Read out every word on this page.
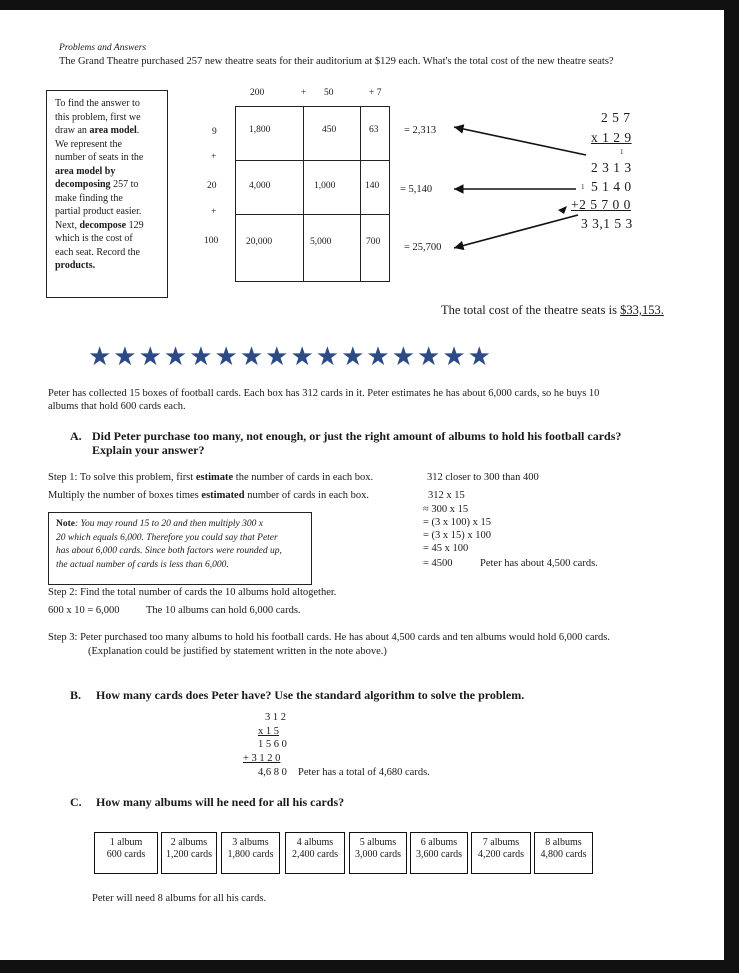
Problems and Answers
The Grand Theatre purchased 257 new theatre seats for their auditorium at $129 each. What's the total cost of the new theatre seats?
To find the answer to
this problem, first we
draw an area model.
We represent the
number of seats in the
area model by
decomposing 257 to
make finding the
partial product easier.
Next, decompose 129
which is the cost of
each seat. Record the
products.
200	+ 50	+ 7
9
+
20
+
100
1,800	450	63
4,000	1,000	140
20,000	5,000	700
= 2,313
= 5,140
= 25,700
2 5 7
x 1 2 9
1
2 3 1 3
1 5 1 4 0
+2 5 7 0 0
3 3,1 5 3
The total cost of the theatre seats is $33,153.
★★★★★★★★★★★★★★★★
Peter has collected 15 boxes of football cards. Each box has 312 cards in it. Peter estimates he has about 6,000 cards, so he buys 10
albums that hold 600 cards each.
A. Did Peter purchase too many, not enough, or just the right amount of albums to hold his football cards?
Explain your answer?
Step 1: To solve this problem, first estimate the number of cards in each box.
Multiply the number of boxes times estimated number of cards in each box.
312 closer to 300 than 400
312 x 15
≈ 300 x 15
= (3 x 100) x 15
= (3 x 15) x 100
= 45 x 100
= 4500	Peter has about 4,500 cards.
Note: You may round 15 to 20 and then multiply 300 x
20 which equals 6,000. Therefore you could say that Peter
has about 6,000 cards. Since both factors were rounded up,
the actual number of cards is less than 6,000.
Step 2: Find the total number of cards the 10 albums hold altogether.
600 x 10 = 6,000	The 10 albums can hold 6,000 cards.
Step 3: Peter purchased too many albums to hold his football cards. He has about 4,500 cards and ten albums would hold 6,000 cards.
(Explanation could be justified by statement written in the note above.)
B. How many cards does Peter have? Use the standard algorithm to solve the problem.
3 1 2
x 1 5
1 5 6 0
+ 3 1 2 0
4,6 8 0 Peter has a total of 4,680 cards.
C. How many albums will he need for all his cards?
1 album
600 cards
2 albums
1,200 cards
3 albums
1,800 cards
4 albums
2,400 cards
5 albums
3,000 cards
6 albums
3,600 cards
7 albums
4,200 cards
8 albums
4,800 cards
Peter will need 8 albums for all his cards.
